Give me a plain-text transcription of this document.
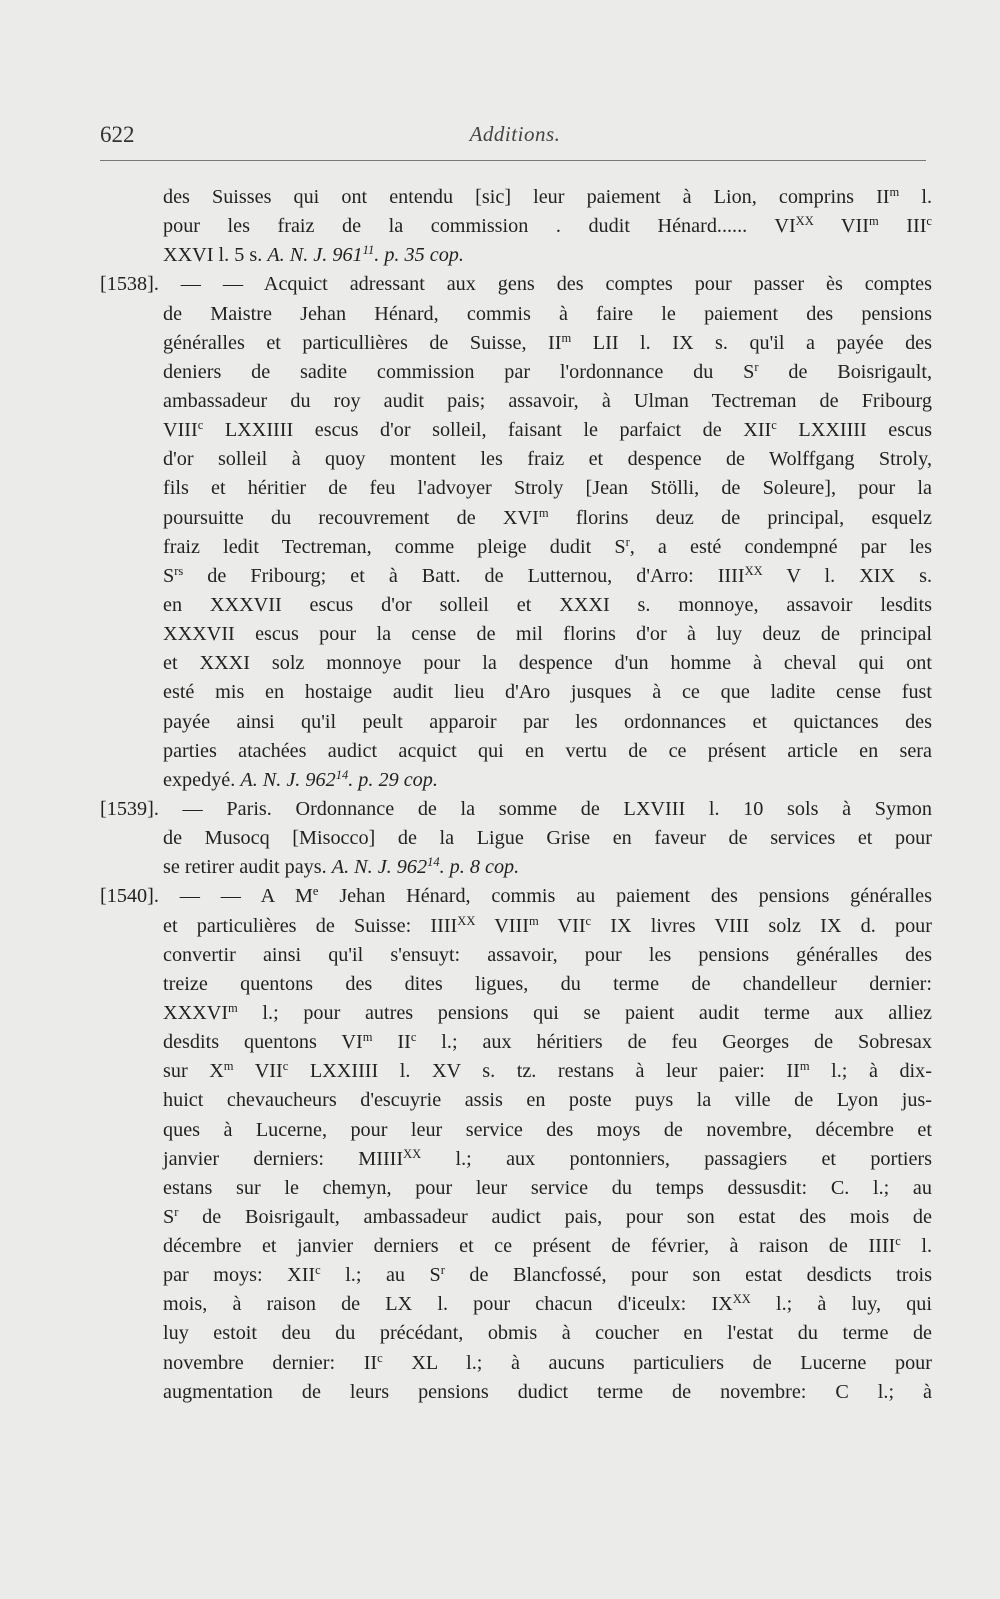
622	Additions.
des Suisses qui ont entendu [sic] leur paiement à Lion, comprins $II^m$ l.
pour les fraiz de la commission . dudit Hénard...... $VI^{XX}$ VII$^m$ III$^c$
XXVI l. 5 s. A. N. J. $961^{11}$. p. 35 cop.
[1538]. — — Acquict adressant aux gens des comptes pour passer ès comptes
de Maistre Jehan Hénard, commis à faire le paiement des pensions
généralles et particullières de Suisse, $II^m$ LII l. IX s. qu'il a payée des
deniers de sadite commission par l'ordonnance du $S^r$ de Boisrigault,
ambassadeur du roy audit pais; assavoir, à Ulman Tectreman de Fribourg
VIII$^c$ LXXIIII escus d'or solleil, faisant le parfaict de XII$^c$ LXXIIII escus
d'or solleil à quoy montent les fraiz et despence de Wolffgang Stroly,
fils et héritier de feu l'advoyer Stroly [Jean Stölli, de Soleure], pour la
poursuitte du recouvrement de XVI$^m$ florins deuz de principal, esquelz
fraiz ledit Tectreman, comme pleige dudit $S^r$, a esté condempné par les
$S^{rs}$ de Fribourg; et à Batt. de Lutternou, d'Arro: $IIII^{XX}$ V l. XIX s.
en XXXVII escus d'or solleil et XXXI s. monnoye, assavoir lesdits
XXXVII escus pour la cense de mil florins d'or à luy deuz de principal
et XXXI solz monnoye pour la despence d'un homme à cheval qui ont
esté mis en hostaige audit lieu d'Aro jusques à ce que ladite cense fust
payée ainsi qu'il peult apparoir par les ordonnances et quictances des
parties atachées audict acquict qui en vertu de ce présent article en sera
expedyé. A. N. J. $962^{14}$. p. 29 cop.
[1539]. — Paris. Ordonnance de la somme de LXVIII l. 10 sols à Symon
de Musocq [Misocco] de la Ligue Grise en faveur de services et pour
se retirer audit pays. A. N. J. $962^{14}$. p. 8 cop.
[1540]. — — A Me Jehan Hénard, commis au paiement des pensions généralles
et particulières de Suisse: $IIII^{XX}$ VIII$^m$ VII$^c$ IX livres VIII solz IX d. pour
convertir ainsi qu'il s'ensuyt: assavoir, pour les pensions généralles des
treize quentons des dites ligues, du terme de chandelleur dernier:
XXXVI$^m$ l.; pour autres pensions qui se paient audit terme aux alliez
desdits quentons $VI^m$ $II^c$ l.; aux héritiers de feu Georges de Sobresax
sur $X^m$ VII$^c$ LXXIIII l. XV s. tz. restans à leur paier: $II^m$ l.; à dix-
huict chevaucheurs d'escuyrie assis en poste puys la ville de Lyon jus-
ques à Lucerne, pour leur service des moys de novembre, décembre et
janvier derniers: $MIIII^{XX}$ l.; aux pontonniers, passagiers et portiers
estans sur le chemyn, pour leur service du temps dessusdit: C. l.; au
$S^r$ de Boisrigault, ambassadeur audict pais, pour son estat des mois de
décembre et janvier derniers et ce présent de février, à raison de IIII$^c$ l.
par moys: XII$^c$ l.; au $S^r$ de Blancfossé, pour son estat desdicts trois
mois, à raison de LX l. pour chacun d'iceulx: $IX^{XX}$ l.; à luy, qui
luy estoit deu du précédant, obmis à coucher en l'estat du terme de
novembre dernier: $II^c$ XL l.; à aucuns particuliers de Lucerne pour
augmentation de leurs pensions dudict terme de novembre: C l.; à
